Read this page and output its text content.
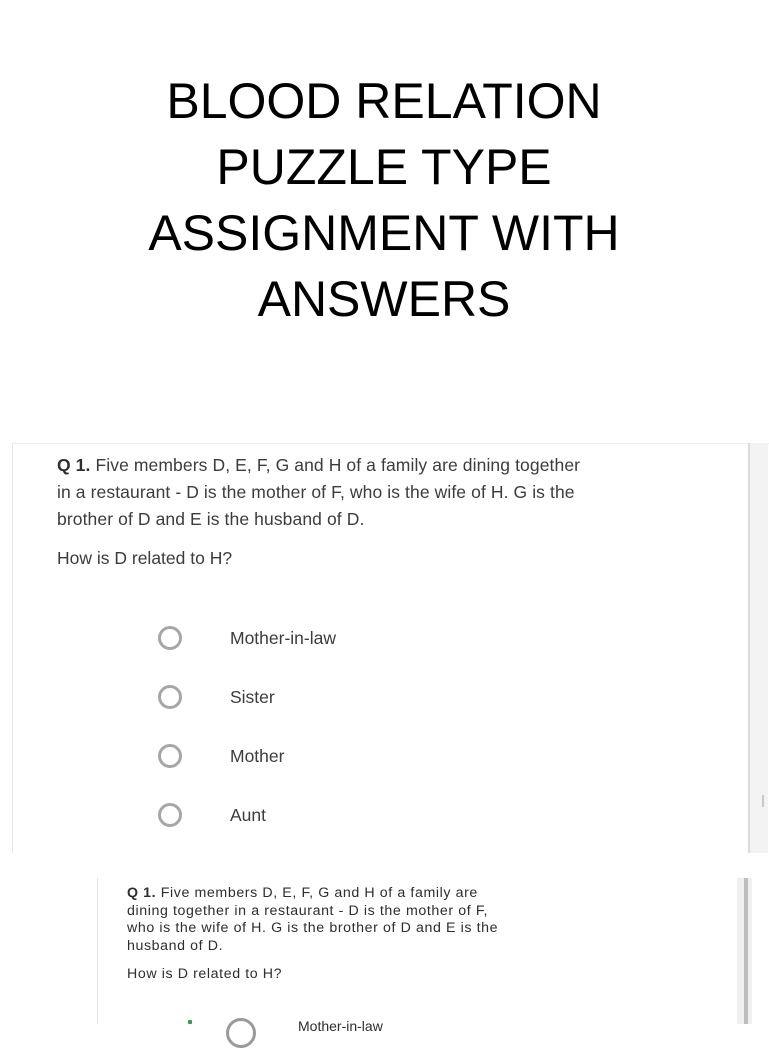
BLOOD RELATION
PUZZLE TYPE
ASSIGNMENT WITH
ANSWERS
Q 1. Five members D, E, F, G and H of a family are dining together
in a restaurant - D is the mother of F, who is the wife of H. G is the
brother of D and E is the husband of D.
How is D related to H?
Mother-in-law
Sister
Mother
Aunt
Q 1. Five members D, E, F, G and H of a family are
dining together in a restaurant - D is the mother of F,
who is the wife of H. G is the brother of D and E is the
husband of D.
How is D related to H?
Mother-in-law
